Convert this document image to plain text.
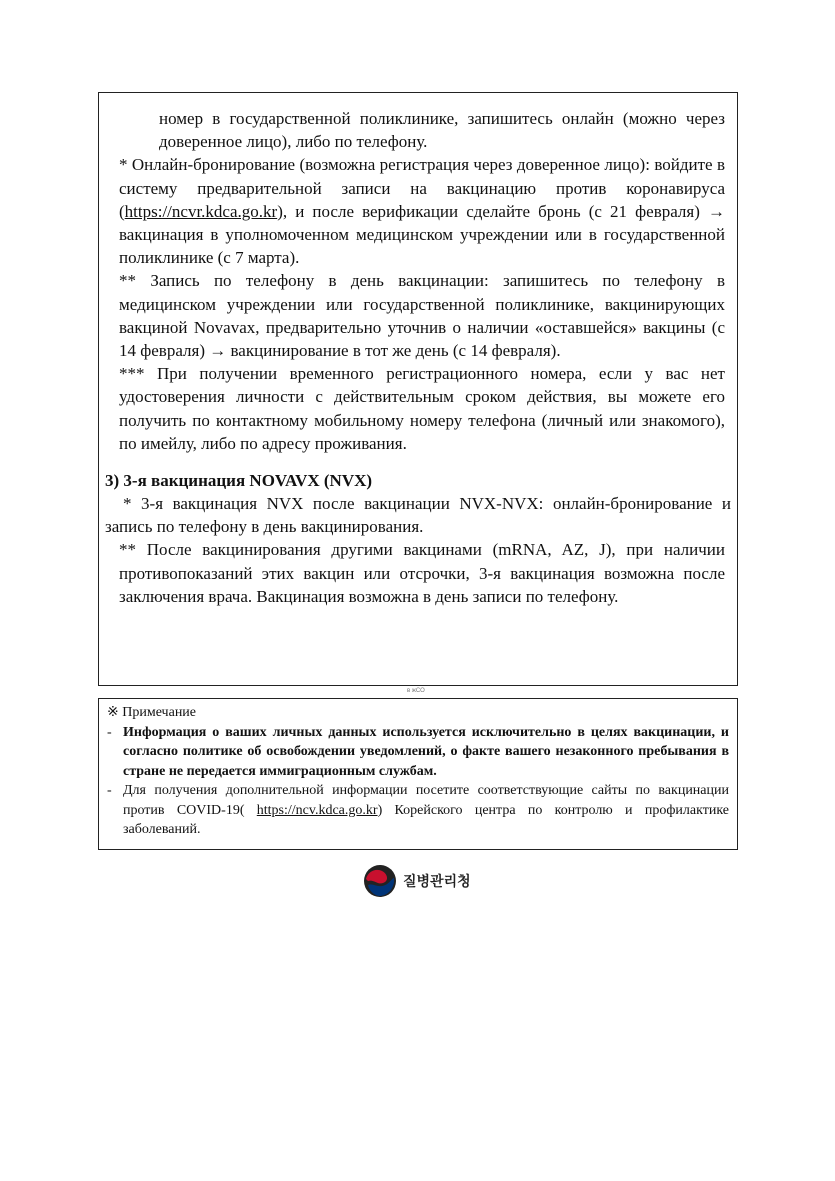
номер в государственной поликлинике, запишитесь онлайн (можно через доверенное лицо), либо по телефону.

* Онлайн-бронирование (возможна регистрация через доверенное лицо): войдите в систему предварительной записи на вакцинацию против коронавируса (https://ncvr.kdca.go.kr), и после верификации сделайте бронь (с 21 февраля) → вакцинация в уполномоченном медицинском учреждении или в государственной поликлинике (с 7 марта).

** Запись по телефону в день вакцинации: запишитесь по телефону в медицинском учреждении или государственной поликлинике, вакцинирующих вакциной Novavax, предварительно уточнив о наличии «оставшейся» вакцины (с 14 февраля) → вакцинирование в тот же день (с 14 февраля).

*** При получении временного регистрационного номера, если у вас нет удостоверения личности с действительным сроком действия, вы можете его получить по контактному мобильному номеру телефона (личный или знакомого), по имейлу, либо по адресу проживания.

3) 3-я вакцинация NOVAVX (NVX)

* 3-я вакцинация NVX после вакцинации NVX-NVX: онлайн-бронирование и запись по телефону в день вакцинирования.

** После вакцинирования другими вакцинами (mRNA, AZ, J), при наличии противопоказаний этих вакцин или отсрочки, 3-я вакцинация возможна после заключения врача. Вакцинация возможна в день записи по телефону.

в жСО

※ Примечание

- Информация о ваших личных данных используется исключительно в целях вакцинации, и согласно политике об освобождении уведомлений, о факте вашего незаконного пребывания в стране не передается иммиграционным службам.

- Для получения дополнительной информации посетите соответствующие сайты по вакцинации против COVID-19( https://ncv.kdca.go.kr) Корейского центра по контролю и профилактике заболеваний.

질병관리청
